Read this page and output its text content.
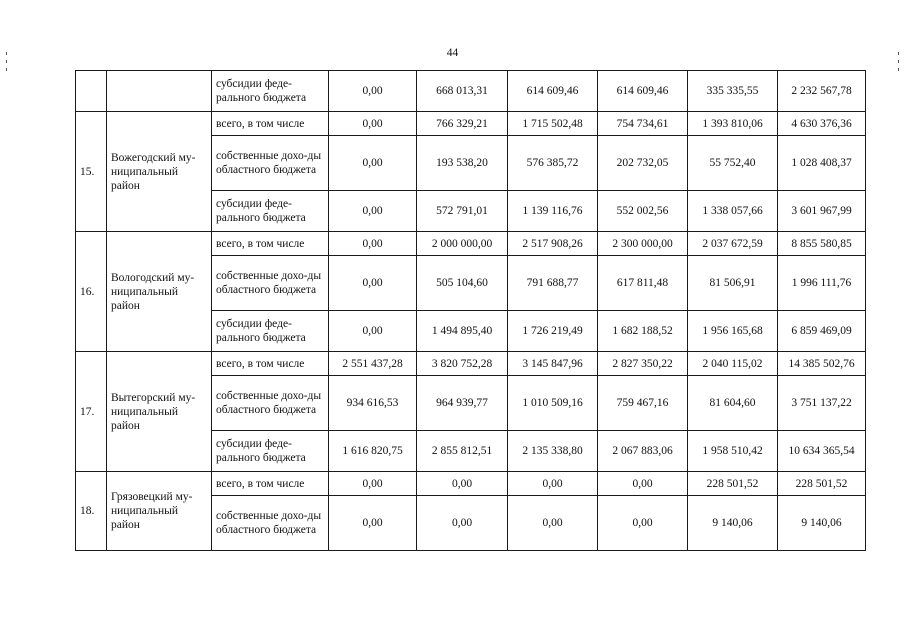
44
		субсидии феде-ральногo бюджета	0,00	668 013,31	614 609,46	614 609,46	335 335,55	2 232 567,78
15.	Вожегодский му-ниципальный район	всего, в том числе	0,00	766 329,21	1 715 502,48	754 734,61	1 393 810,06	4 630 376,36
		собственные дохо-ды областного бюджета	0,00	193 538,20	576 385,72	202 732,05	55 752,40	1 028 408,37
		субсидии феде-рального бюджета	0,00	572 791,01	1 139 116,76	552 002,56	1 338 057,66	3 601 967,99
16.	Вологодский му-ниципальный район	всего, в том числе	0,00	2 000 000,00	2 517 908,26	2 300 000,00	2 037 672,59	8 855 580,85
		собственные дохо-ды областного бюджета	0,00	505 104,60	791 688,77	617 811,48	81 506,91	1 996 111,76
		субсидии феде-рального бюджета	0,00	1 494 895,40	1 726 219,49	1 682 188,52	1 956 165,68	6 859 469,09
17.	Вытегорский му-ниципальный район	всего, в том числе	2 551 437,28	3 820 752,28	3 145 847,96	2 827 350,22	2 040 115,02	14 385 502,76
		собственные дохо-ды областного бюджета	934 616,53	964 939,77	1 010 509,16	759 467,16	81 604,60	3 751 137,22
		субсидии феде-рального бюджета	1 616 820,75	2 855 812,51	2 135 338,80	2 067 883,06	1 958 510,42	10 634 365,54
18.	Грязовецкий му-ниципальный район	всего, в том числе	0,00	0,00	0,00	0,00	228 501,52	228 501,52
		собственные дохо-ды областного бюджета	0,00	0,00	0,00	0,00	9 140,06	9 140,06
